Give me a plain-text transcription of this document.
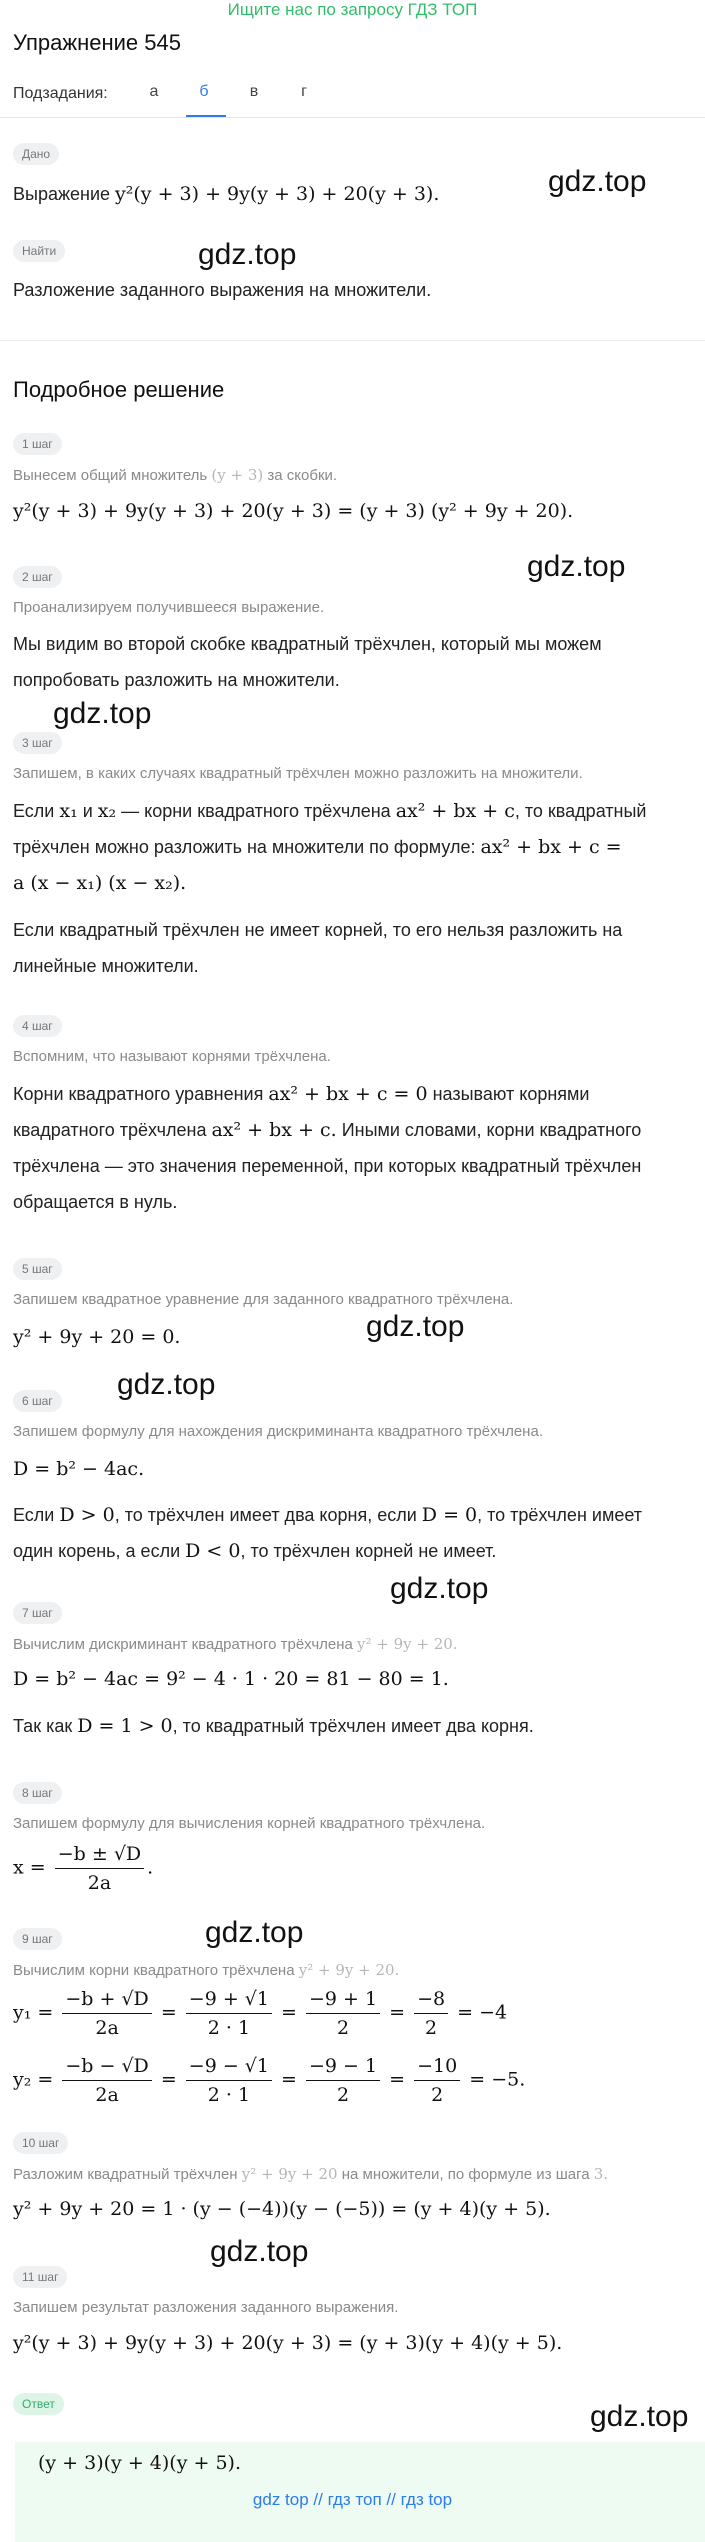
Ищите нас по запросу ГДЗ ТОП
Упражнение 545
Подзадания:	а	б	в	г
Дано
Выражение y²(y + 3) + 9y(y + 3) + 20(y + 3).	gdz.top
Найти	gdz.top
Разложение заданного выражения на множители.
Подробное решение
1 шаг
Вынесем общий множитель (y + 3) за скобки.
y²(y + 3) + 9y(y + 3) + 20(y + 3) = (y + 3) (y² + 9y + 20).
gdz.top
2 шаг
Проанализируем получившееся выражение.
Мы видим во второй скобке квадратный трёхчлен, который мы можем
попробовать разложить на множители.
gdz.top
3 шаг
Запишем, в каких случаях квадратный трёхчлен можно разложить на множители.
Если x₁ и x₂ — корни квадратного трёхчлена ax² + bx + c, то квадратный
трёхчлен можно разложить на множители по формуле: ax² + bx + c =
a (x − x₁) (x − x₂).
Если квадратный трёхчлен не имеет корней, то его нельзя разложить на
линейные множители.
4 шаг
Вспомним, что называют корнями трёхчлена.
Корни квадратного уравнения ax² + bx + c = 0 называют корнями
квадратного трёхчлена ax² + bx + c. Иными словами, корни квадратного
трёхчлена — это значения переменной, при которых квадратный трёхчлен
обращается в нуль.
5 шаг
Запишем квадратное уравнение для заданного квадратного трёхчлена.
y² + 9y + 20 = 0.	gdz.top
gdz.top
6 шаг
Запишем формулу для нахождения дискриминанта квадратного трёхчлена.
D = b² − 4ac.
Если D > 0, то трёхчлен имеет два корня, если D = 0, то трёхчлен имеет
один корень, а если D < 0, то трёхчлен корней не имеет.
gdz.top
7 шаг
Вычислим дискриминант квадратного трёхчлена y² + 9y + 20.
D = b² − 4ac = 9² − 4 · 1 · 20 = 81 − 80 = 1.
Так как D = 1 > 0, то квадратный трёхчлен имеет два корня.
8 шаг
Запишем формулу для вычисления корней квадратного трёхчлена.
$x = \frac{-b \pm √D}{2a}$ .
gdz.top
9 шаг
Вычислим корни квадратного трёхчлена y² + 9y + 20.
$y_1 = \frac{-b + √D}{2a} = \frac{-9 + √1}{2 \cdot 1} = \frac{-9 + 1}{2} = \frac{-8}{2} = -4$
$y_2 = \frac{-b - √D}{2a} = \frac{-9 - √1}{2 \cdot 1} = \frac{-9 - 1}{2} = \frac{-10}{2} = -5$.
10 шаг
Разложим квадратный трёхчлен y² + 9y + 20 на множители, по формуле из шага 3.
y² + 9y + 20 = 1 · (y − (−4))(y − (−5)) = (y + 4)(y + 5).
gdz.top
11 шаг
Запишем результат разложения заданного выражения.
y²(y + 3) + 9y(y + 3) + 20(y + 3) = (y + 3)(y + 4)(y + 5).
Ответ	gdz.top
(y + 3)(y + 4)(y + 5).
gdz top // гдз топ // гдз top
